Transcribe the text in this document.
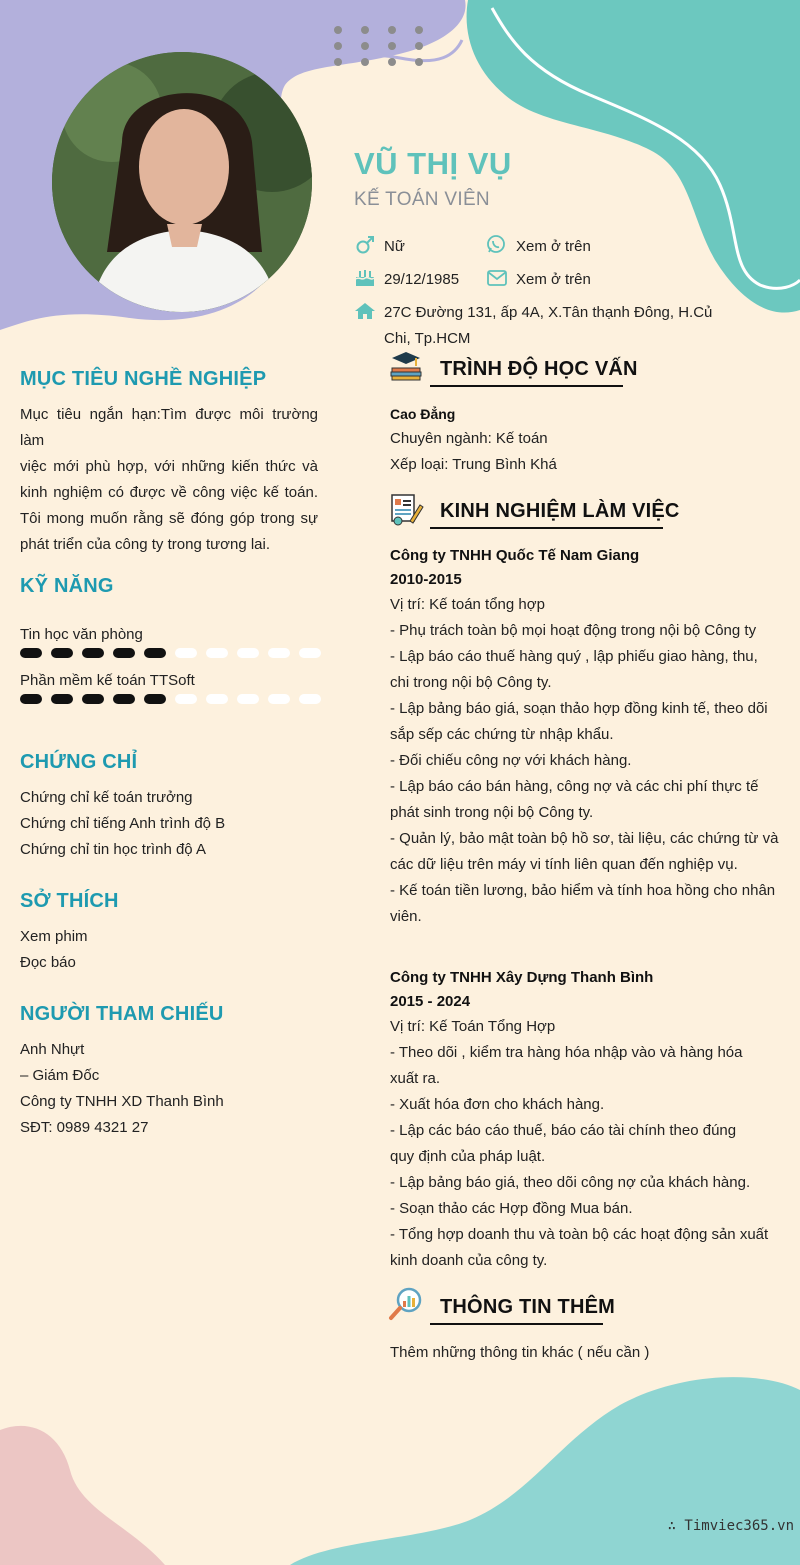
VŨ THỊ VỤ
KẾ TOÁN VIÊN
Nữ	Xem ở trên
29/12/1985	Xem ở trên
27C Đường 131, ấp 4A, X.Tân thạnh Đông, H.Củ
Chi, Tp.HCM
MỤC TIÊU NGHỀ NGHIỆP
Mục tiêu ngắn hạn:Tìm được môi trường làm
việc mới phù hợp, với những kiến thức và
kinh nghiệm có được về công việc kế toán.
Tôi mong muốn rằng sẽ đóng góp trong sự
phát triển của công ty trong tương lai.
KỸ NĂNG
Tin học văn phòng
Phần mềm kế toán TTSoft
CHỨNG CHỈ
Chứng chỉ kế toán trưởng
Chứng chỉ tiếng Anh trình độ B
Chứng chỉ tin học trình độ A
SỞ THÍCH
Xem phim
Đọc báo
NGƯỜI THAM CHIẾU
Anh Nhựt
– Giám Đốc
Công ty TNHH XD Thanh Bình
SĐT: 0989 4321 27
TRÌNH ĐỘ HỌC VẤN
Cao Đẳng
Chuyên ngành: Kế toán
Xếp loại: Trung Bình Khá
KINH NGHIỆM LÀM VIỆC
Công ty TNHH Quốc Tế Nam Giang
2010-2015
Vị trí: Kế toán tổng hợp
- Phụ trách toàn bộ mọi hoạt động trong nội bộ Công ty
- Lập báo cáo thuế hàng quý , lập phiếu giao hàng, thu,
chi trong nội bộ Công ty.
- Lập bảng báo giá, soạn thảo hợp đồng kinh tế, theo dõi
sắp sếp các chứng từ nhập khẩu.
- Đối chiếu công nợ với khách hàng.
- Lập báo cáo bán hàng, công nợ và các chi phí thực tế
phát sinh trong nội bộ Công ty.
- Quản lý, bảo mật toàn bộ hồ sơ, tài liệu, các chứng từ và
các dữ liệu trên máy vi tính liên quan đến nghiệp vụ.
- Kế toán tiền lương, bảo hiểm và tính hoa hồng cho nhân
viên.
Công ty TNHH Xây Dựng Thanh Bình
2015 - 2024
Vị trí: Kế Toán Tổng Hợp
- Theo dõi , kiểm tra hàng hóa nhập vào và hàng hóa
xuất ra.
- Xuất hóa đơn cho khách hàng.
- Lập các báo cáo thuế, báo cáo tài chính theo đúng
quy định của pháp luật.
- Lập bảng báo giá, theo dõi công nợ của khách hàng.
- Soạn thảo các Hợp đồng Mua bán.
- Tổng hợp doanh thu và toàn bộ các hoạt động sản xuất
kinh doanh của công ty.
THÔNG TIN THÊM
Thêm những thông tin khác ( nếu cần )
∴ Timviec365.vn
